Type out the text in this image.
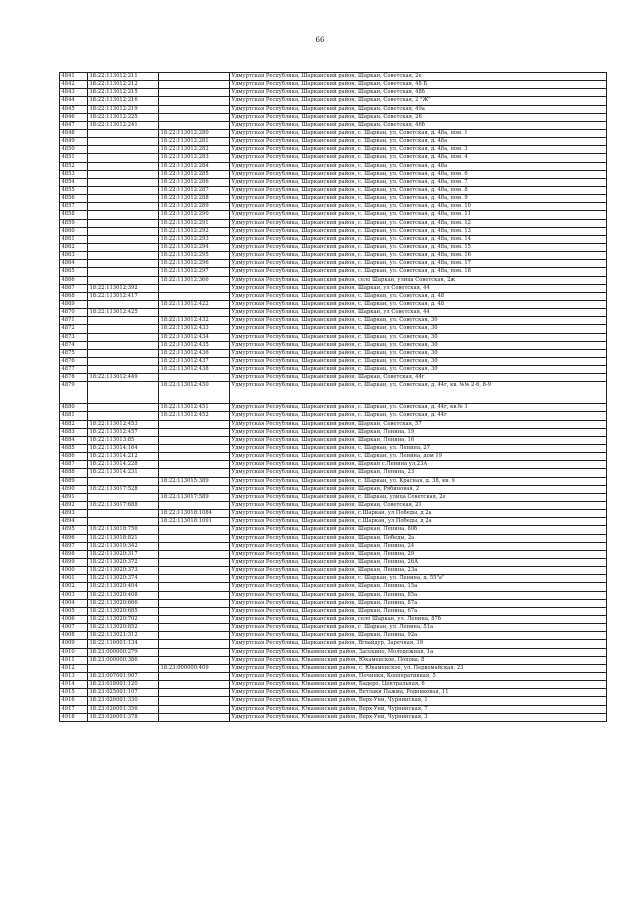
66
4841	18:22:113012:211		Удмуртская Республика, Шарканский район, Шаркан, Советская, 2е
4842	18:22:113012:212		Удмуртская Республика, Шарканский район, Шаркан, Советская, 48 Б
4843	18:22:113012:215		Удмуртская Республика, Шарканский район, Шаркан, Советская, 48б
4844	18:22:113012:216		Удмуртская Республика, Шарканский район, Шаркан, Советская, 2 "Ж"
4845	18:22:113012:219		Удмуртская Республика, Шарканский район, Шаркан, Советская, 49а
4846	18:22:113012:225		Удмуртская Республика, Шарканский район, Шаркан, Советская, 26
4847	18:22:113012:241		Удмуртская Республика, Шарканский район, Шаркан, Советская, 46б
4848		18:22:113012:280	Удмуртская Республика, Шарканский район, с. Шаркан, ул. Советская, д. 48а, пом. 1
4849		18:22:113012:281	Удмуртская Республика, Шарканский район, с. Шаркан, ул. Советская, д. 48а
4850		18:22:113012:282	Удмуртская Республика, Шарканский район, с. Шаркан, ул. Советская, д. 48а, пом. 3
4851		18:22:113012:283	Удмуртская Республика, Шарканский район, с. Шаркан, ул. Советская, д. 48а, пом. 4
4852		18:22:113012:284	Удмуртская Республика, Шарканский район, с. Шаркан, ул. Советская, д. 48а
4853		18:22:113012:285	Удмуртская Республика, Шарканский район, с. Шаркан, ул. Советская, д. 48а, пом. 6
4854		18:22:113012:286	Удмуртская Республика, Шарканский район, с. Шаркан, ул. Советская, д. 48а, пом. 7
4855		18:22:113012:287	Удмуртская Республика, Шарканский район, с. Шаркан, ул. Советская, д. 48а, пом. 8
4856		18:22:113012:288	Удмуртская Республика, Шарканский район, с. Шаркан, ул. Советская, д. 48а, пом. 9
4857		18:22:113012:289	Удмуртская Республика, Шарканский район, с. Шаркан, ул. Советская, д. 48а, пом. 10
4858		18:22:113012:290	Удмуртская Республика, Шарканский район, с. Шаркан, ул. Советская, д. 48а, пом. 11
4859		18:22:113012:291	Удмуртская Республика, Шарканский район, с. Шаркан, ул. Советская, д. 48а, пом. 12
4860		18:22:113012:292	Удмуртская Республика, Шарканский район, с. Шаркан, ул. Советская, д. 48а, пом. 13
4861		18:22:113012:293	Удмуртская Республика, Шарканский район, с. Шаркан, ул. Советская, д. 48а, пом. 14
4862		18:22:113012:294	Удмуртская Республика, Шарканский район, с. Шаркан, ул. Советская, д. 48а, пом. 15
4863		18:22:113012:295	Удмуртская Республика, Шарканский район, с. Шаркан, ул. Советская, д. 48а, пом. 16
4864		18:22:113012:296	Удмуртская Республика, Шарканский район, с. Шаркан, ул. Советская, д. 48а, пом. 17
4865		18:22:113012:297	Удмуртская Республика, Шарканский район, с. Шаркан, ул. Советская, д. 48а, пом. 18
4866		18:22:113012:366	Удмуртская Республика, Шарканский район, село Шаркан, улица Советская, 2ж
4867	18:22:113012:392		Удмуртская Республика, Шарканский район, Шаркан, ул Советская, 44
4868	18:22:113012:417		Удмуртская Республика, Шарканский район, с. Шаркан, ул. Советская, д. 48
4869		18:22:113012:422	Удмуртская Республика, Шарканский район, с. Шаркан, ул. Советская, д. 48
4870	18:22:113012:425		Удмуртская Республика, Шарканский район, Шаркан, ул Советская, 44
4871		18:22:113012:432	Удмуртская Республика, Шарканский район, с. Шаркан, ул. Советская, 30
4872		18:22:113012:433	Удмуртская Республика, Шарканский район, с. Шаркан, ул. Советская, 30
4873		18:22:113012:434	Удмуртская Республика, Шарканский район, с. Шаркан, ул. Советская, 30
4874		18:22:113012:435	Удмуртская Республика, Шарканский район, с. Шаркан, ул. Советская, 30
4875		18:22:113012:436	Удмуртская Республика, Шарканский район, с. Шаркан, ул. Советская, 30
4876		18:22:113012:437	Удмуртская Республика, Шарканский район, с. Шаркан, ул. Советская, 30
4877		18:22:113012:438	Удмуртская Республика, Шарканский район, с. Шаркан, ул. Советская, 30
4878	18:22:113012:449		Удмуртская Республика, Шарканский район, Шаркан, Советская, 44г
4879		18:22:113012:450	Удмуртская Республика, Шарканский район, с. Шаркан, ул. Советская, д. 44г, кв. №№ 2-6, 8-9
4880		18:22:113012:451	Удмуртская Республика, Шарканский район, с. Шаркан, ул. Советская, д. 44г, кв.№ 1
4881		18:22:113012:452	Удмуртская Республика, Шарканский район, с. Шаркан, ул. Советская, д. 44г
4882	18:22:113012:453		Удмуртская Республика, Шарканский район, Шаркан, Советская, 57
4883	18:22:113012:457		Удмуртская Республика, Шарканский район, Шаркан, Ленина, 19
4884	18:22:113013:85		Удмуртская Республика, Шарканский район, Шаркан, Ленина, 16
4885	18:22:113014:164		Удмуртская Республика, Шарканский район, с. Шаркан, ул. Ленина, 27
4886	18:22:113014:212		Удмуртская Республика, Шарканский район, с. Шаркан, ул. Ленина, дом 19
4887	18:22:113014:228		Удмуртская Республика, Шарканский район, Шаркан с.Ленина ул,23А
4888	18:22:113014:231		Удмуртская Республика, Шарканский район, Шаркан, Ленина, 23
4889		18:22:113015:389	Удмуртская Республика, Шарканский район, с. Шаркан, ул. Красная, д. 38, кв. 9
4890	18:22:113017:528		Удмуртская Республика, Шарканский район, Шаркан, Рябиновая, 2
4891		18:22:113017:589	Удмуртская Республика, Шарканский район, с. Шаркан, улица Советская, 2е
4892	18:22:113017:688		Удмуртская Республика, Шарканский район, Шаркан, Советская, 21
4893		18:22:113018:1084	Удмуртская Республика, Шарканский район, с.Шаркан, ул Победы, д 2а
4894		18:22:113018:1091	Удмуртская Республика, Шарканский район, с.Шаркан, ул Победы, д 2а
4895	18:22:113018:750		Удмуртская Республика, Шарканский район, Шаркан, Ленина, 80б
4896	18:22:113018:821		Удмуртская Республика, Шарканский район, Шаркан, Победы, 2а
4897	18:22:113019:342		Удмуртская Республика, Шарканский район, Шаркан, Ленина, 24
4898	18:22:113020:317		Удмуртская Республика, Шарканский район, Шаркан, Ленина, 29
4899	18:22:113020:372		Удмуртская Республика, Шарканский район, Шаркан, Ленина, 26А
4900	18:22:113020:373		Удмуртская Республика, Шарканский район, Шаркан, Ленина, 23а
4901	18:22:113020:374		Удмуртская Республика, Шарканский район, с. Шаркан, ул. Ленина, д. 55"а"
4902	18:22:113020:404		Удмуртская Республика, Шарканский район, Шаркан, Ленина, 15а
4903	18:22:113020:408		Удмуртская Республика, Шарканский район, Шаркан, Ленина, 85а
4904	18:22:113020:666		Удмуртская Республика, Шарканский район, Шаркан, Ленина, 87а
4905	18:22:113020:685		Удмуртская Республика, Шарканский район, Шаркан, Ленина, 67а
4906	18:22:113020:702		Удмуртская Республика, Шарканский район, село Шаркан, ул. Ленина, 87б
4907	18:22:113020:852		Удмуртская Республика, Шарканский район, с. Шаркан, ул. Ленина, 51а
4908	18:22:113021:312		Удмуртская Республика, Шарканский район, Шаркан, Ленина, 92а
4909	18:22:116001:134		Удмуртская Республика, Шарканский район, Ягвайдур, Заречная, 19
4910	18:23:000000:279		Удмуртская Республика, Юкаменский район, Засекино, Молодежная, 1а
4911	18:23:000000:386		Удмуртская Республика, Юкаменский район, Юкаменское, Попова, 8
4912		18:23:000000:409	Удмуртская Республика, Юкаменский район, с. Юкаменское, ул. Первомайская, 23
4913	18:23:007001:907		Удмуртская Республика, Юкаменский район, Починки, Кооперативная, 5
4914	18:23:018001:120		Удмуртская Республика, Юкаменский район, Бадеро, Центральная, 6
4915	18:23:025001:107		Удмуртская Республика, Юкаменский район, Ветлаки Пажма, Родниковая, 11
4916	18:23:026001:330		Удмуртская Республика, Юкаменский район, Верх-Уни, Чурнинская, 1
4917	18:23:026001:356		Удмуртская Республика, Юкаменский район, Верх-Уни, Чурнинская, 7
4918	18:23:026001:378		Удмуртская Республика, Юкаменский район, Верх-Уни, Чурнинская, 3
